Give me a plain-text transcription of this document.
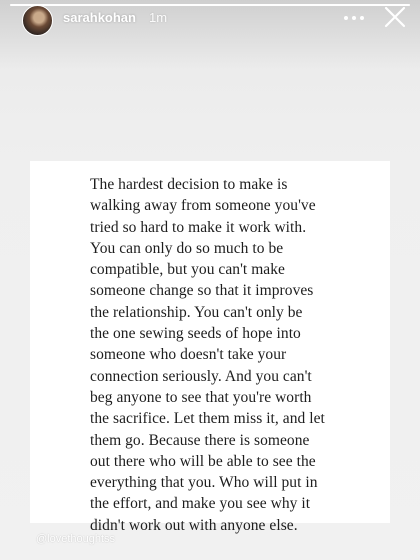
sarahkohan 1m
The hardest decision to make is
walking away from someone you've
tried so hard to make it work with.
You can only do so much to be
compatible, but you can't make
someone change so that it improves
the relationship. You can't only be
the one sewing seeds of hope into
someone who doesn't take your
connection seriously. And you can't
beg anyone to see that you're worth
the sacrifice. Let them miss it, and let
them go. Because there is someone
out there who will be able to see the
everything that you. Who will put in
the effort, and make you see why it
didn't work out with anyone else.
@lovethoughtss
